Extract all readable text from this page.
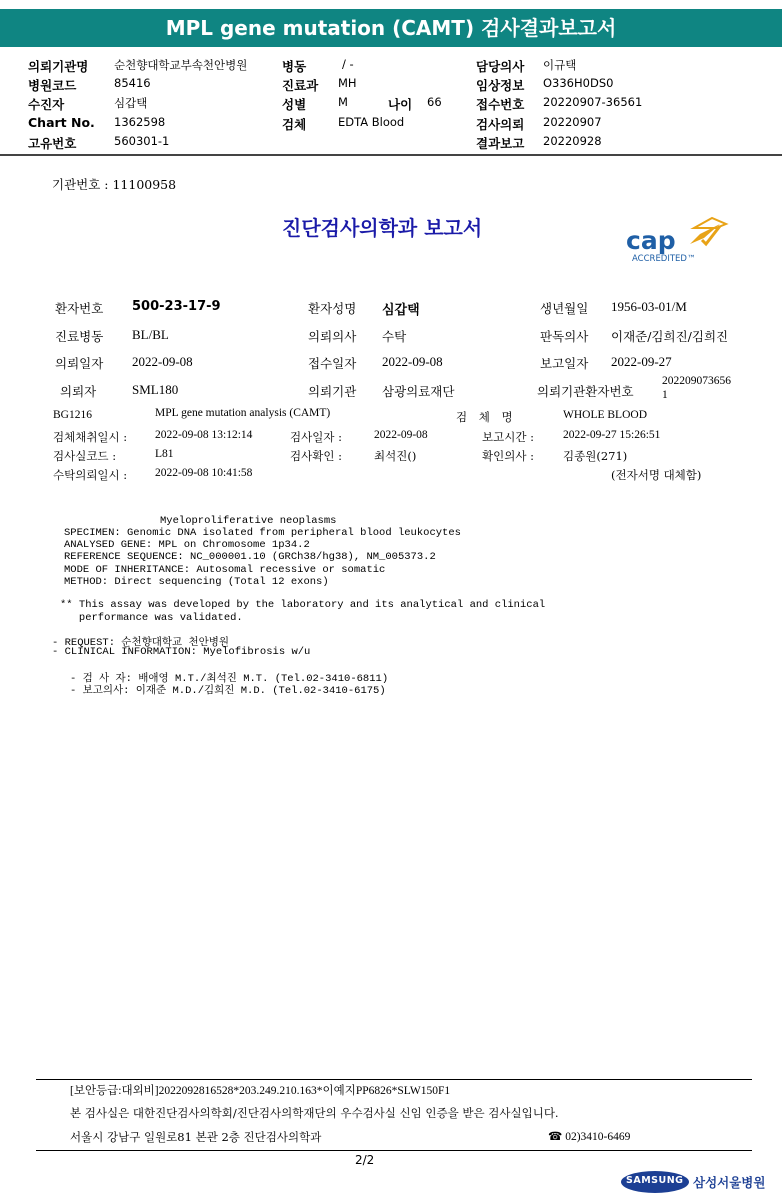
MPL gene mutation (CAMT) 검사결과보고서
의뢰기관명 순천향대학교부속천안병원
병원코드	85416
수진자	심갑택
Chart No. 1362598
고유번호	560301-1
병동	/ -
진료과 MH
성별	M	나이 66
검체	EDTA Blood
담당의사 이규택
임상정보 O336H0DS0
접수번호 20220907-36561
검사의뢰 20220907
결과보고 20220928
기관번호 : 11100958
진단검사의학과 보고서	cap
ACCREDITED™
환자번호 500-23-17-9	환자성명 심갑택	생년월일 1956-03-01/M
진료병동 BL/BL	의뢰의사 수탁	판독의사 이재준/김희진/김희진
의뢰일자 2022-09-08	접수일자 2022-09-08	보고일자 2022-09-27
의뢰자	SML180	의뢰기관 삼광의료재단	의뢰기관환자번호
202209073656
1
BG1216	MPL gene mutation analysis (CAMT)	검 체 명	WHOLE BLOOD
검체채취일시 : 2022-09-08 13:12:14	검사일자 :	2022-09-08	보고시간 :	2022-09-27 15:26:51
검사실코드 :	L81	검사확인 :	최석진()	확인의사 :	김종원(271)
수탁의뢰일시 : 2022-09-08 10:41:58	(전자서명 대체함)
Myeloproliferative neoplasms
SPECIMEN: Genomic DNA isolated from peripheral blood leukocytes
ANALYSED GENE: MPL on Chromosome 1p34.2
REFERENCE SEQUENCE: NC_000001.10 (GRCh38/hg38), NM_005373.2
MODE OF INHERITANCE: Autosomal recessive or somatic
METHOD: Direct sequencing (Total 12 exons)
** This assay was developed by the laboratory and its analytical and clinical
performance was validated.
- REQUEST: 순천향대학교 천안병원
- CLINICAL INFORMATION: Myelofibrosis w/u
- 검 사 자: 배애영 M.T./최석진 M.T. (Tel.02-3410-6811)
- 보고의사: 이재준 M.D./김희진 M.D. (Tel.02-3410-6175)
[보안등급:대외비]2022092816528*203.249.210.163*이예지PP6826*SLW150F1
본 검사실은 대한진단검사의학회/진단검사의학재단의 우수검사실 신임 인증을 받은 검사실입니다.
서울시 강남구 일원로81 본관 2층 진단검사의학과	☎ 02)3410-6469
2/2
SAMSUNG 삼성서울병원
